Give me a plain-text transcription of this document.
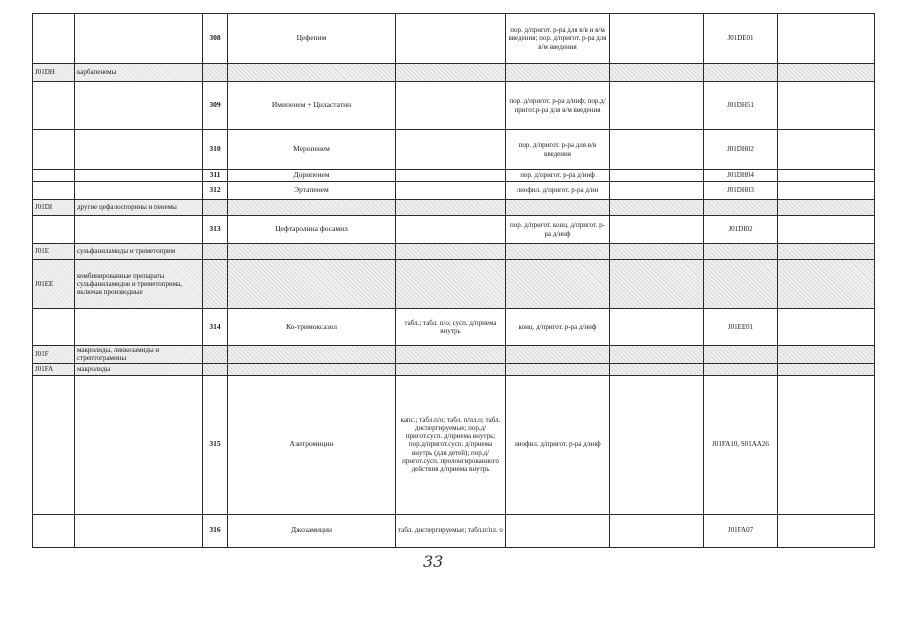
		308	Цефепим		пор. д/пригот. р-ра для в/в и в/м введения; пор. д/пригот. р-ра для в/м введения		J01DE01	
J01DH	карбапенемы							
		309	Имипенем + Циластатин		пор. д/пригот. р-ра д/инф; пор.д/пригот.р-ра для в/м введения		J01DH51	
		310	Меропенем		пор. д/пригот. р-ра для в/в введения		J01DH02	
		311	Дорипенем		пор. д/пригот. р-ра д/инф		J01DH04	
		312	Эртапенем		лиофил. д/пригот. р-ра д/ин		J01DH03	
J01DI	другие цефалоспорины и пенемы							
		313	Цефтаролина фосамил		пор. д/пригот. конц. д/пригот. р-ра д/инф		J01DI02	
J01E	сульфаниламиды и триметоприм							
J01EE	комбинированные препараты сульфаниламидов и триметоприма, включая производные							
		314	Ко-тримоксазол	табл.; табл. п/о; сусп. д/приема внутрь	конц. д/пригот. р-ра д/инф		J01EE01	
J01F	макролиды, линкозамиды и стрептограмины							
J01FA	макролиды							
		315	Азитромицин	капс.; табл.п/о; табл. п/пл.о; табл. диспергируемые; пор.д/пригот.сусп. д/приема внутрь; пор.д/пригот.сусп. д/приема внутрь (для детей); пор.д/пригот.сусп. пролонгированного действия д/приема внутрь	лиофил. д/пригот. р-ра д/инф		J01FA10, S01AA26	
		316	Джозамицин	табл. диспергируемые; табл.п/пл. о			J01FA07	
33
